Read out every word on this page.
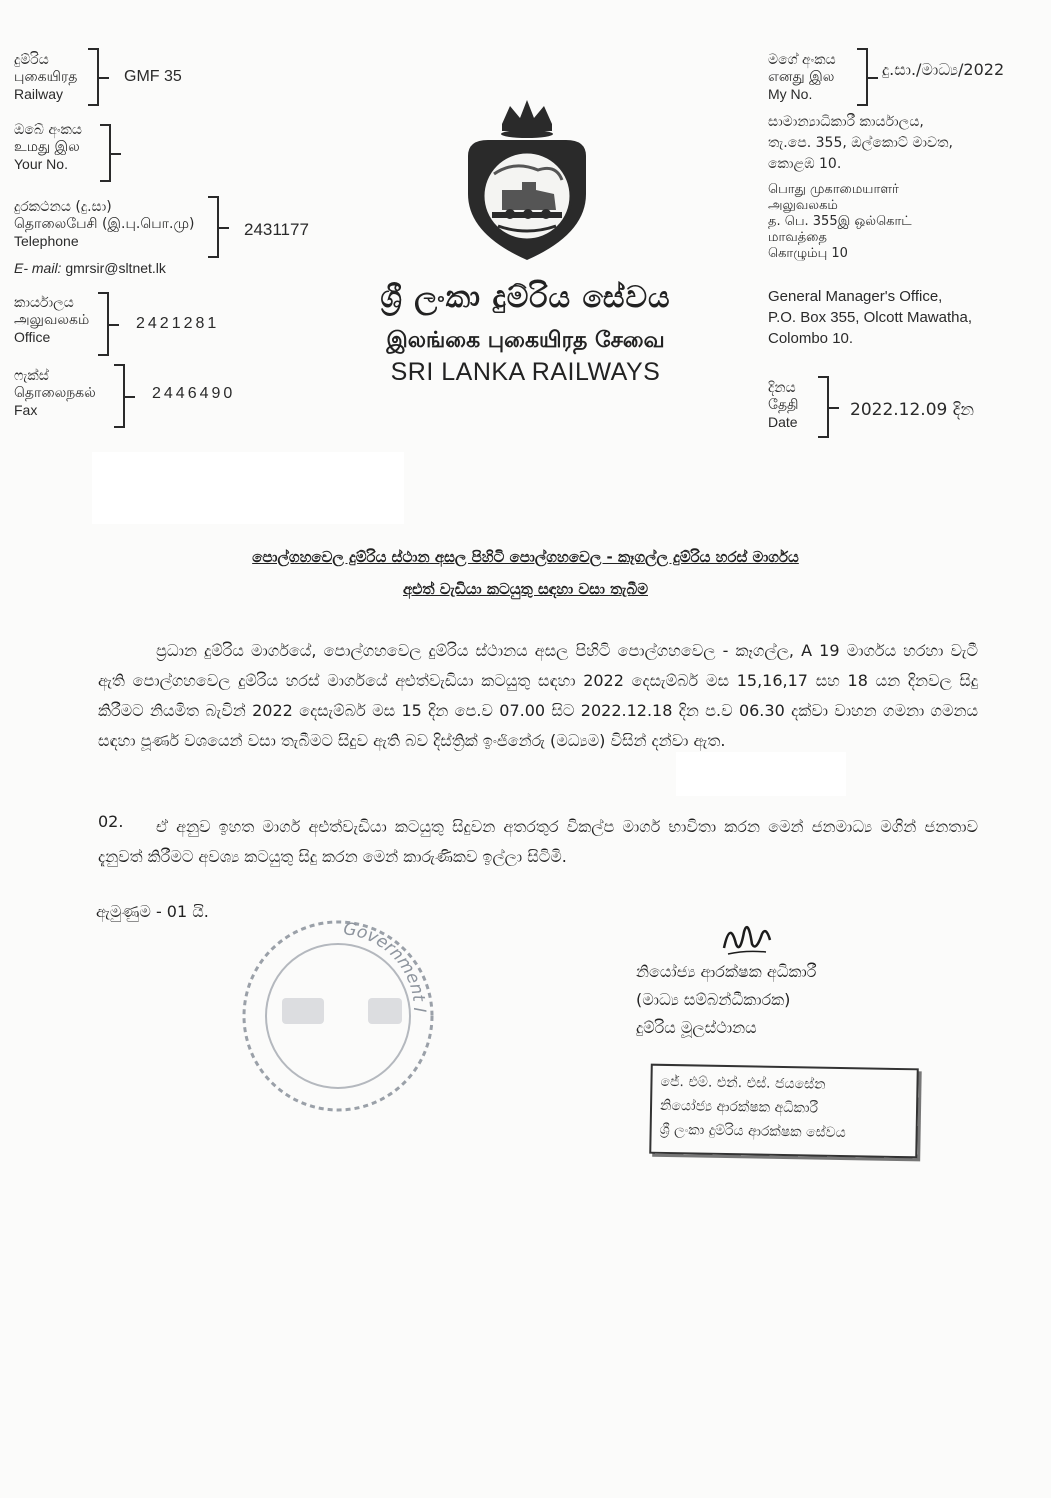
දුම්රිය
புகையிரத
Railway
GMF 35
ඔබේ අංකය
உமது இல
Your No.
දුරකථනය (දු.සා)
தொலைபேசி (இ.பு.பொ.மு)
Telephone
2431177
E- mail: gmrsir@sltnet.lk
කාර්යාලය
அலுவலகம்
Office
2421281
ෆැක්ස්
தொலைநகல்
Fax
2446490
ශ්‍රී ලංකා දුම්රිය සේවය
இலங்கை புகையிரத சேவை
SRI LANKA RAILWAYS
මගේ අංකය
எனது இல
My No.
දු.සා./මාධ්‍ය/2022
සාමාන්‍යාධිකාරී කාර්යාලය,
තැ.පෙ. 355, ඔල්කොට් මාවත,
කොළඹ 10.
பொது முகாமையாளர்
அலுவலகம்
த. பெ. 355இ ஒல்கொட்
மாவத்தை
கொழும்பு 10
General Manager's Office,
P.O. Box 355, Olcott Mawatha,
Colombo 10.
දිනය
தேதி
Date
2022.12.09 දින
පොල්ගහවෙල දුම්රිය ස්ථාන අසල පිහිටි පොල්ගහවෙල - කෑගල්ල දුම්රිය හරස් මාර්ගය
අළුත් වැඩියා කටයුතු සඳහා වසා තැබීම
ප්‍රධාන දුම්රිය මාර්ගයේ, පොල්ගහවෙල දුම්රිය ස්ථානය අසල පිහිටි පොල්ගහවෙල - කෑගල්ල, A 19 මාර්ගය හරහා වැටී ඇති පොල්ගහවෙල දුම්රිය හරස් මාර්ගයේ අළුත්වැඩියා කටයුතු සඳහා 2022 දෙසැම්බර් මස 15,16,17 සහ 18 යන දිනවල සිදු කිරීමට නියමිත බැවින් 2022 දෙසැම්බර් මස 15 දින පෙ.ව 07.00 සිට 2022.12.18 දින ප.ව 06.30 දක්වා වාහන ගමනා ගමනය සඳහා පූර්ණ වශයෙන් වසා තැබීමට සිදුව ඇති බව දිස්ත්‍රික් ඉංජිනේරු (මධ්‍යම) විසින් දන්වා ඇත.
02.	ඒ අනුව ඉහත මාර්ග අළුත්වැඩියා කටයුතු සිදුවන අතරතුර විකල්ප මාර්ග භාවිතා කරන මෙන් ජනමාධ්‍ය මගින් ජනතාව දැනුවත් කිරීමට අවශ්‍ය කටයුතු සිදු කරන මෙන් කාරුණිකව ඉල්ලා සිටිමි.
ඇමුණුම - 01 යි.
Government I
නියෝජ්‍ය ආරක්ෂක අධිකාරී
(මාධ්‍ය සම්බන්ධීකාරක)
දුම්රිය මූලස්ථානය
ජේ. එම්. එන්. එස්. ජයසේන
නියෝජ්‍ය ආරක්ෂක අධිකාරී
ශ්‍රී ලංකා දුම්රිය ආරක්ෂක සේවය
